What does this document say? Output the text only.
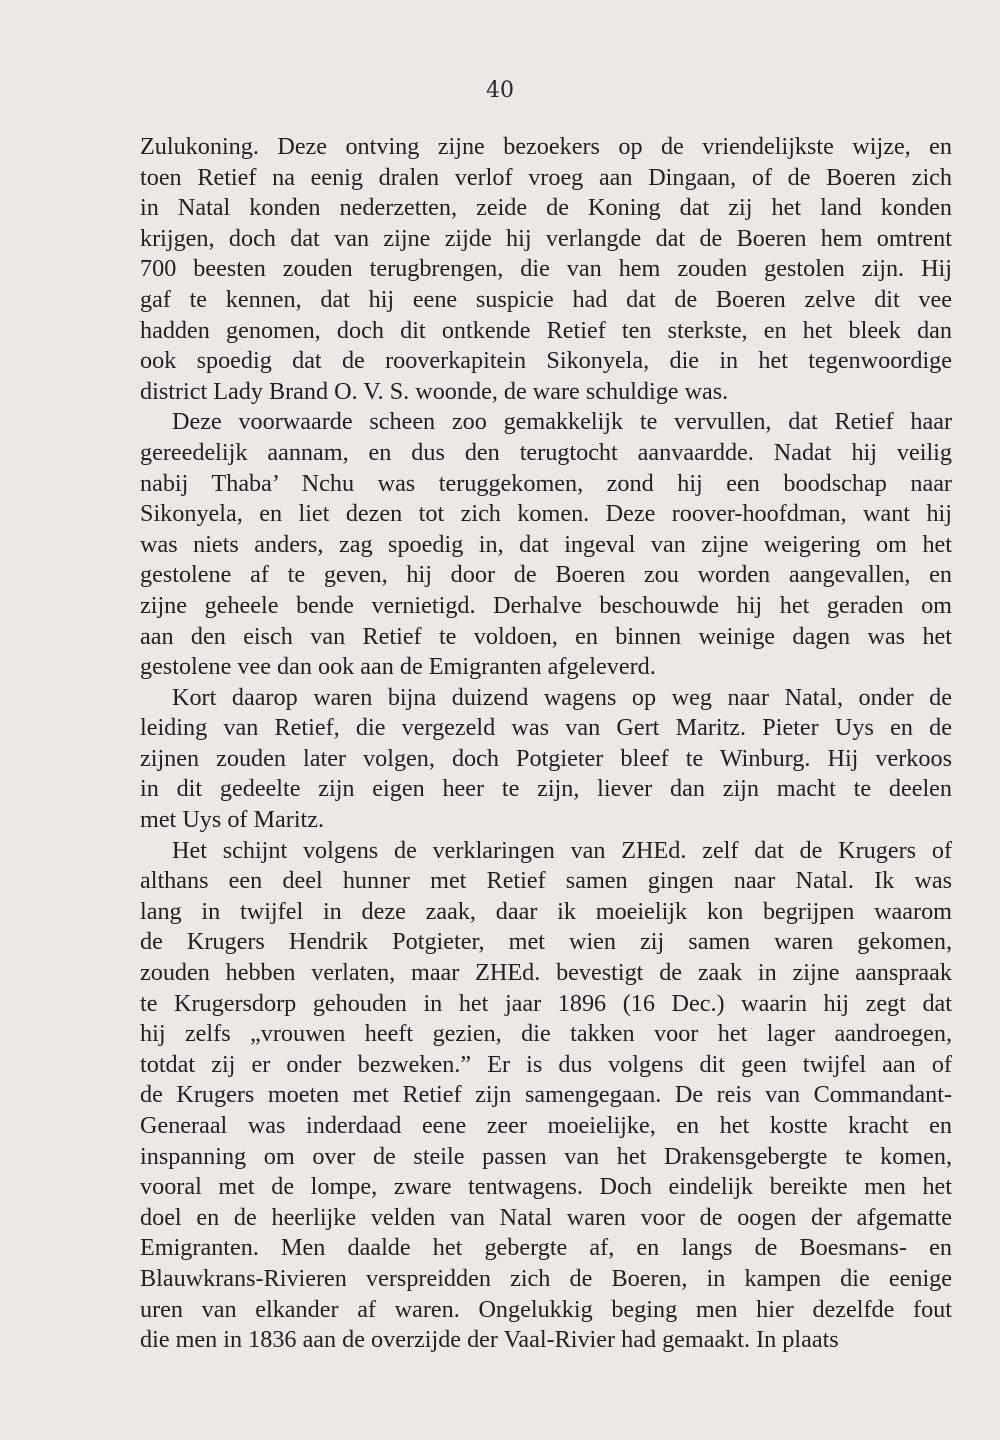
40
Zulukoning. Deze ontving zijne bezoekers op de vriendelijkste wijze, en
toen Retief na eenig dralen verlof vroeg aan Dingaan, of de Boeren zich
in Natal konden nederzetten, zeide de Koning dat zij het land konden
krijgen, doch dat van zijne zijde hij verlangde dat de Boeren hem omtrent
700 beesten zouden terugbrengen, die van hem zouden gestolen zijn. Hij
gaf te kennen, dat hij eene suspicie had dat de Boeren zelve dit vee
hadden genomen, doch dit ontkende Retief ten sterkste, en het bleek dan
ook spoedig dat de rooverkapitein Sikonyela, die in het tegenwoordige
district Lady Brand O. V. S. woonde, de ware schuldige was.
Deze voorwaarde scheen zoo gemakkelijk te vervullen, dat Retief haar
gereedelijk aannam, en dus den terugtocht aanvaardde. Nadat hij veilig
nabij Thaba’ Nchu was teruggekomen, zond hij een boodschap naar
Sikonyela, en liet dezen tot zich komen. Deze roover-hoofdman, want hij
was niets anders, zag spoedig in, dat ingeval van zijne weigering om het
gestolene af te geven, hij door de Boeren zou worden aangevallen, en
zijne geheele bende vernietigd. Derhalve beschouwde hij het geraden om
aan den eisch van Retief te voldoen, en binnen weinige dagen was het
gestolene vee dan ook aan de Emigranten afgeleverd.
Kort daarop waren bijna duizend wagens op weg naar Natal, onder de
leiding van Retief, die vergezeld was van Gert Maritz. Pieter Uys en de
zijnen zouden later volgen, doch Potgieter bleef te Winburg. Hij verkoos
in dit gedeelte zijn eigen heer te zijn, liever dan zijn macht te deelen
met Uys of Maritz.
Het schijnt volgens de verklaringen van ZHEd. zelf dat de Krugers of
althans een deel hunner met Retief samen gingen naar Natal. Ik was
lang in twijfel in deze zaak, daar ik moeielijk kon begrijpen waarom
de Krugers Hendrik Potgieter, met wien zij samen waren gekomen,
zouden hebben verlaten, maar ZHEd. bevestigt de zaak in zijne aanspraak
te Krugersdorp gehouden in het jaar 1896 (16 Dec.) waarin hij zegt dat
hij zelfs „vrouwen heeft gezien, die takken voor het lager aandroegen,
totdat zij er onder bezweken.” Er is dus volgens dit geen twijfel aan of
de Krugers moeten met Retief zijn samengegaan. De reis van Commandant-
Generaal was inderdaad eene zeer moeielijke, en het kostte kracht en
inspanning om over de steile passen van het Drakensgebergte te komen,
vooral met de lompe, zware tentwagens. Doch eindelijk bereikte men het
doel en de heerlijke velden van Natal waren voor de oogen der afgematte
Emigranten. Men daalde het gebergte af, en langs de Boesmans- en
Blauwkrans-Rivieren verspreidden zich de Boeren, in kampen die eenige
uren van elkander af waren. Ongelukkig beging men hier dezelfde fout
die men in 1836 aan de overzijde der Vaal-Rivier had gemaakt. In plaats
